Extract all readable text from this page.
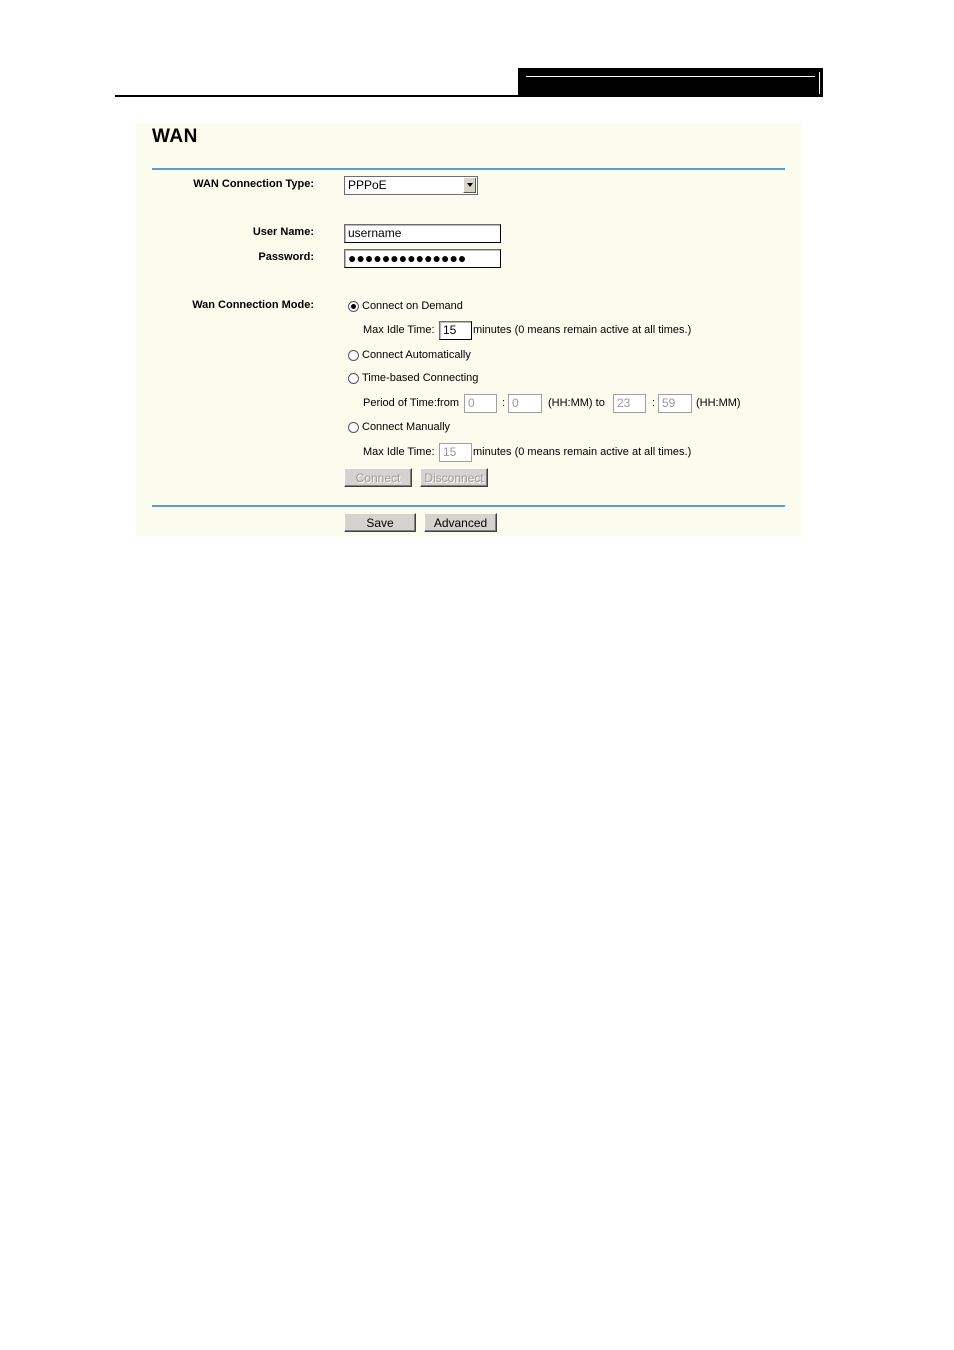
WAN
WAN Connection Type:	PPPoE
User Name:	username
Password: ●●●●●●●●●●●●●●
Wan Connection Mode:	Connect on Demand
Max Idle Time: 15	minutes (0 means remain active at all times.)
Connect Automatically
Time-based Connecting
Period of Time:from 0	: 0	(HH:MM) to	23	: 59	(HH:MM)
Connect Manually
Max Idle Time: 15	minutes (0 means remain active at all times.)
Connect	Disconnect
Save	Advanced
